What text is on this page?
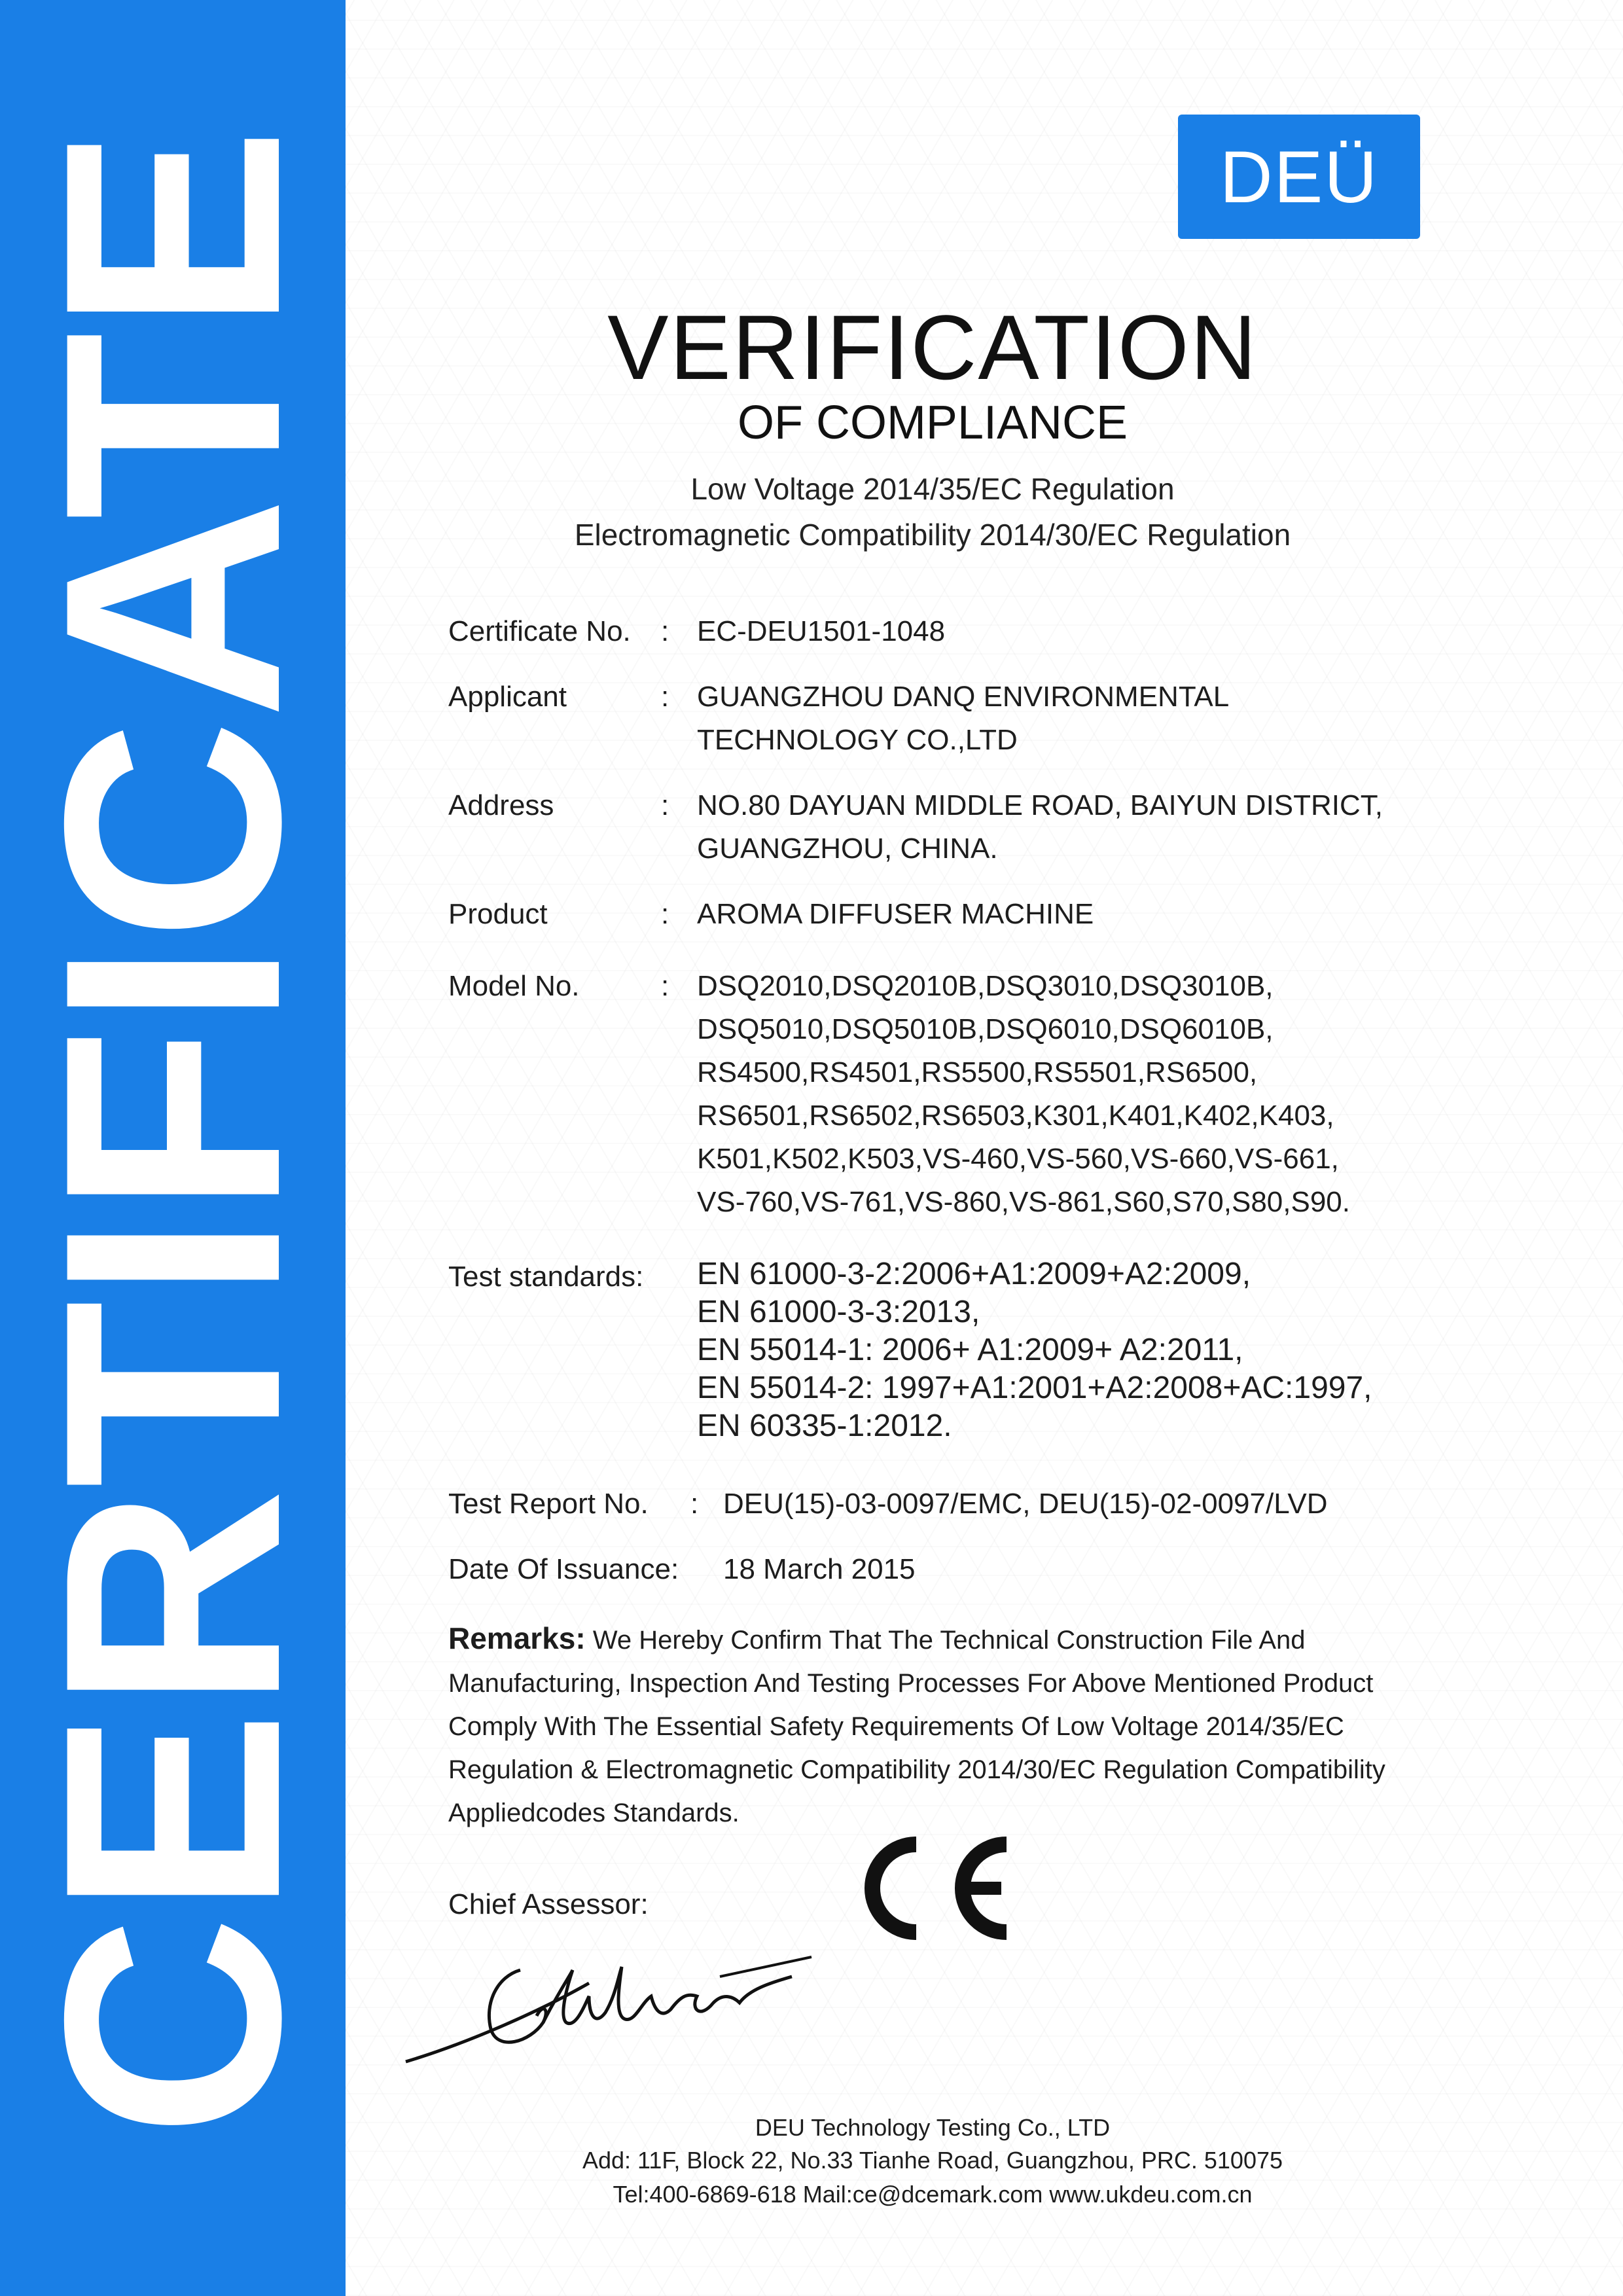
CERTIFICATE	DEÜ
VERIFICATION
OF COMPLIANCE
Low Voltage 2014/35/EC Regulation
Electromagnetic Compatibility 2014/30/EC Regulation
Certificate No. : EC-DEU1501-1048
Applicant	: GUANGZHOU DANQ ENVIRONMENTAL
TECHNOLOGY CO.,LTD
Address	: NO.80 DAYUAN MIDDLE ROAD, BAIYUN DISTRICT,
GUANGZHOU, CHINA.
Product	: AROMA DIFFUSER MACHINE
Model No.	: DSQ2010,DSQ2010B,DSQ3010,DSQ3010B,
DSQ5010,DSQ5010B,DSQ6010,DSQ6010B,
RS4500,RS4501,RS5500,RS5501,RS6500,
RS6501,RS6502,RS6503,K301,K401,K402,K403,
K501,K502,K503,VS-460,VS-560,VS-660,VS-661,
VS-760,VS-761,VS-860,VS-861,S60,S70,S80,S90.
Test standards: EN 61000-3-2:2006+A1:2009+A2:2009,
EN 61000-3-3:2013,
EN 55014-1: 2006+ A1:2009+ A2:2011,
EN 55014-2: 1997+A1:2001+A2:2008+AC:1997,
EN 60335-1:2012.
Test Report No. : DEU(15)-03-0097/EMC, DEU(15)-02-0097/LVD
Date Of Issuance: 18 March 2015
Remarks: We Hereby Confirm That The Technical Construction File And Manufacturing, Inspection And Testing Processes For Above Mentioned Product Comply With The Essential Safety Requirements Of Low Voltage 2014/35/EC Regulation & Electromagnetic Compatibility 2014/30/EC Regulation Compatibility Appliedcodes Standards.
Chief Assessor:
Gladstone
DEU Technology Testing Co., LTD
Add: 11F, Block 22, No.33 Tianhe Road, Guangzhou, PRC. 510075
Tel:400-6869-618 Mail:ce@dcemark.com www.ukdeu.com.cn
